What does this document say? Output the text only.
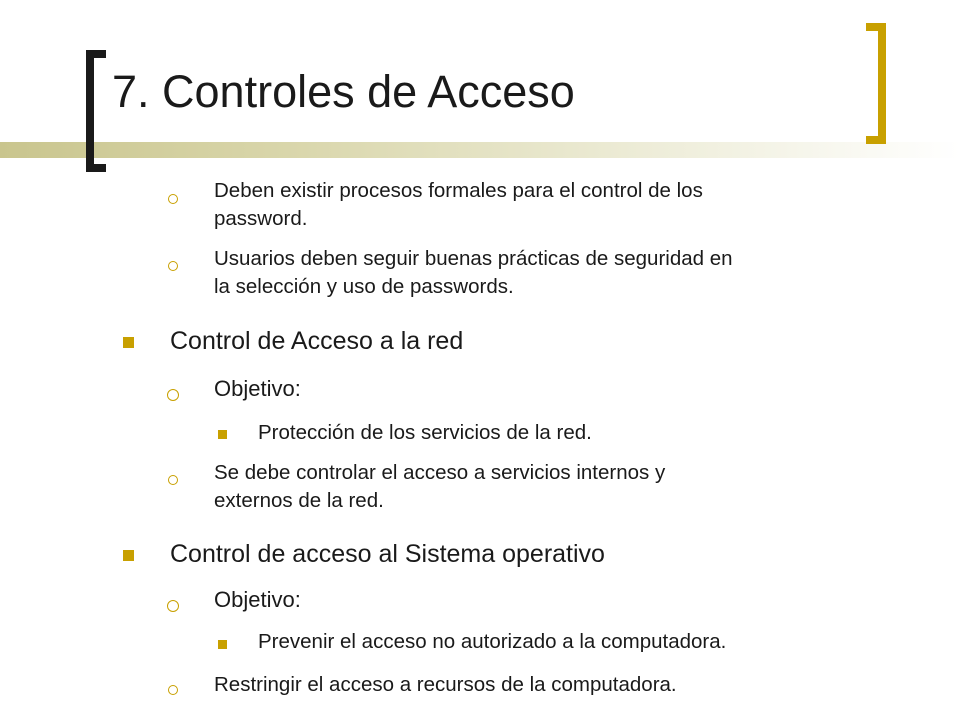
7. Controles de Acceso
Deben existir procesos formales para el control de los
password.
Usuarios deben seguir buenas prácticas de seguridad en
la selección y uso de passwords.
Control de Acceso a la red
Objetivo:
Protección de los servicios de la red.
Se debe controlar el acceso a servicios internos y
externos de la red.
Control de acceso al Sistema operativo
Objetivo:
Prevenir el acceso no autorizado a la computadora.
Restringir el acceso a recursos de la computadora.
